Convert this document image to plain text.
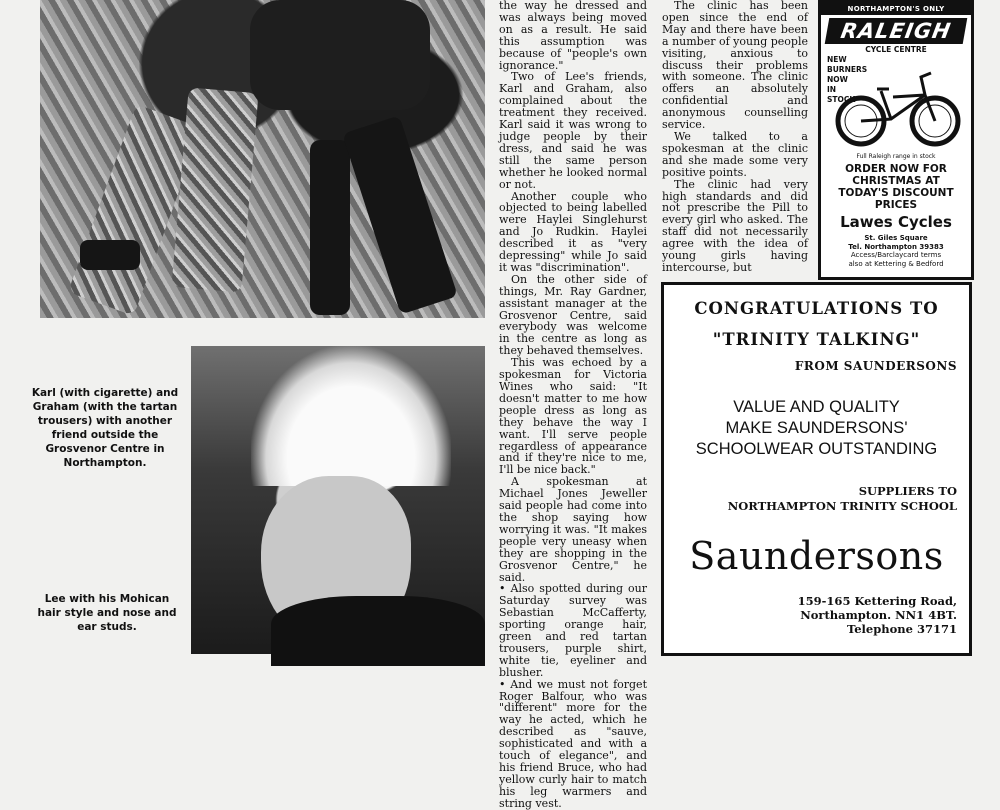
Karl (with cigarette) and Graham (with the tartan trousers) with another friend outside the Grosvenor Centre in Northampton.
Lee with his Mohican hair style and nose and ear studs.

the way he dressed and was always being moved on as a result. He said this assumption was because of "people's own ignorance."

Two of Lee's friends, Karl and Graham, also complained about the treatment they received. Karl said it was wrong to judge people by their dress, and said he was still the same person whether he looked normal or not.

Another couple who objected to being labelled were Haylei Singlehurst and Jo Rudkin. Haylei described it as "very depressing" while Jo said it was "discrimination".

On the other side of things, Mr. Ray Gardner, assistant manager at the Grosvenor Centre, said everybody was welcome in the centre as long as they behaved themselves.

This was echoed by a spokesman for Victoria Wines who said: "It doesn't matter to me how people dress as long as they behave the way I want. I'll serve people regardless of appearance and if they're nice to me, I'll be nice back."

A spokesman at Michael Jones Jeweller said people had come into the shop saying how worrying it was. "It makes people very uneasy when they are shopping in the Grosvenor Centre," he said.

• Also spotted during our Saturday survey was Sebastian McCafferty, sporting orange hair, green and red tartan trousers, purple shirt, white tie, eyeliner and blusher.

• And we must not forget Roger Balfour, who was "different" more for the way he acted, which he described as "sauve, sophisticated and with a touch of elegance", and his friend Bruce, who had yellow curly hair to match his leg warmers and string vest.

The clinic has been open since the end of May and there have been a number of young people visiting, anxious to discuss their problems with someone. The clinic offers an absolutely confidential and anonymous counselling service.

We talked to a spokesman at the clinic and she made some very positive points.

The clinic had very high standards and did not prescribe the Pill to every girl who asked. The staff did not necessarily agree with the idea of young girls having intercourse, but

NORTHAMPTON'S ONLY
RALEIGH
CYCLE CENTRE
NEW BURNERS
NOW
IN
STOCK
Full Raleigh range in stock
ORDER NOW FOR
CHRISTMAS AT
TODAY'S DISCOUNT
PRICES
Lawes Cycles
St. Giles Square
Tel. Northampton 39383
Access/Barclaycard terms
also at Kettering & Bedford
CONGRATULATIONS TO
"TRINITY TALKING"
FROM SAUNDERSONS
VALUE AND QUALITY
MAKE SAUNDERSONS'
SCHOOLWEAR OUTSTANDING
SUPPLIERS TO
NORTHAMPTON TRINITY SCHOOL
Saundersons
159-165 Kettering Road,
Northampton. NN1 4BT.
Telephone 37171
